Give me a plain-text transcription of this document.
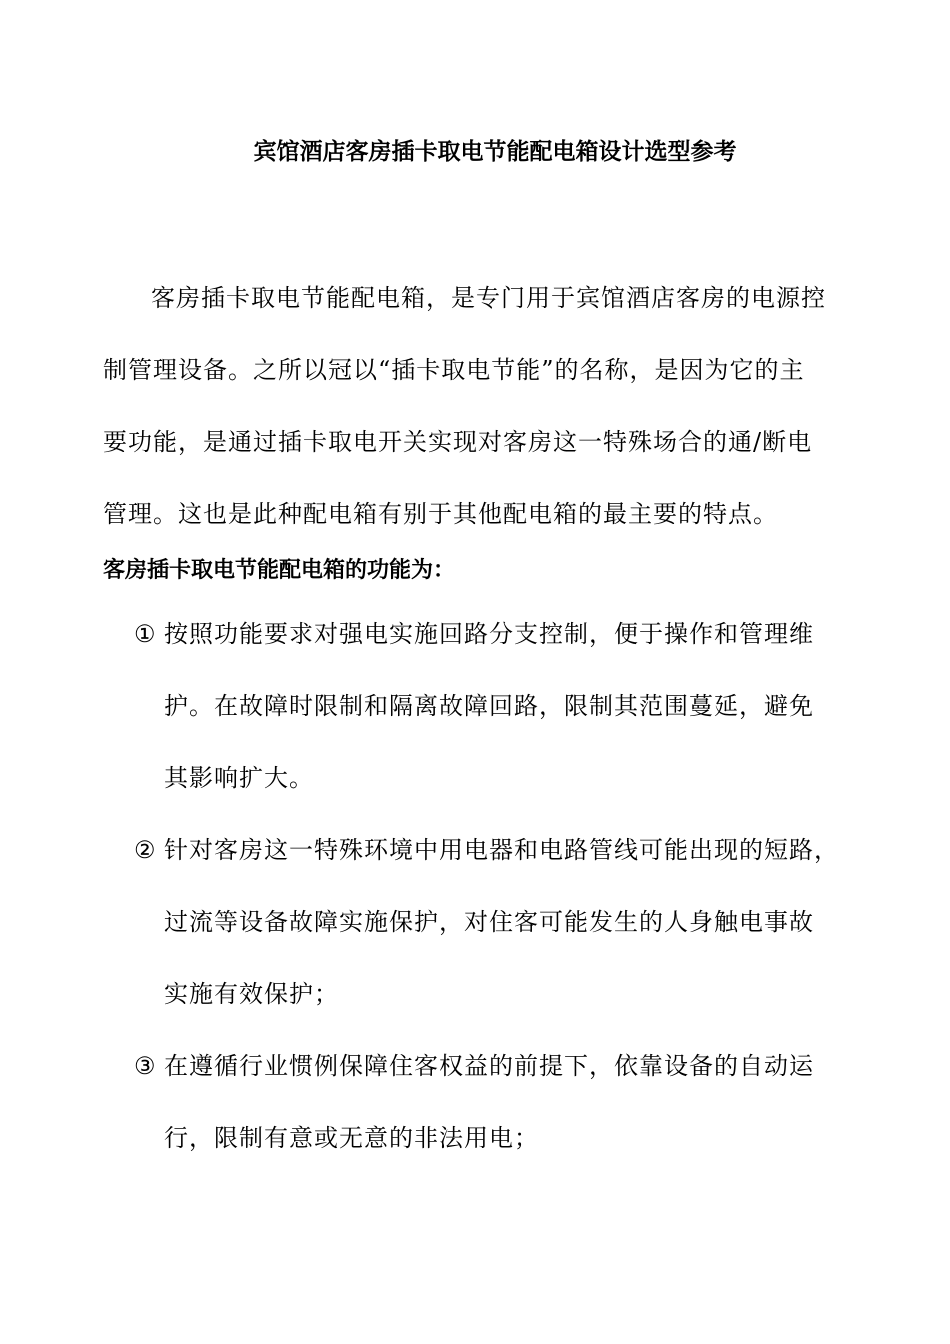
宾馆酒店客房插卡取电节能配电箱设计选型参考
客房插卡取电节能配电箱，是专门用于宾馆酒店客房的电源控
制管理设备。之所以冠以“插卡取电节能”的名称，是因为它的主
要功能，是通过插卡取电开关实现对客房这一特殊场合的通/断电
管理。这也是此种配电箱有别于其他配电箱的最主要的特点。
客房插卡取电节能配电箱的功能为：
① 按照功能要求对强电实施回路分支控制，便于操作和管理维
护。在故障时限制和隔离故障回路，限制其范围蔓延，避免
其影响扩大。
② 针对客房这一特殊环境中用电器和电路管线可能出现的短路，
过流等设备故障实施保护，对住客可能发生的人身触电事故
实施有效保护；
③ 在遵循行业惯例保障住客权益的前提下，依靠设备的自动运
行，限制有意或无意的非法用电；
